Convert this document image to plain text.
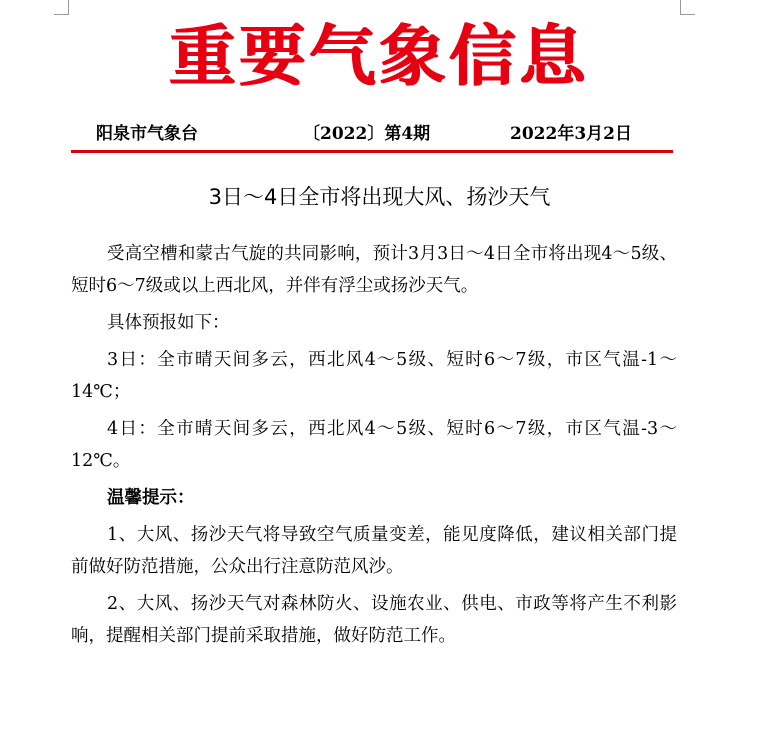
重要气象信息
阳泉市气象台	〔2022〕第4期	2022年3月2日
3日～4日全市将出现大风、扬沙天气

受高空槽和蒙古气旋的共同影响，预计3月3日～4日全市将出现4～5级、短时6～7级或以上西北风，并伴有浮尘或扬沙天气。

具体预报如下：

3日：全市晴天间多云，西北风4～5级、短时6～7级，市区气温-1～14℃；

4日：全市晴天间多云，西北风4～5级、短时6～7级，市区气温-3～12℃。

温馨提示：

1、大风、扬沙天气将导致空气质量变差，能见度降低，建议相关部门提前做好防范措施，公众出行注意防范风沙。

2、大风、扬沙天气对森林防火、设施农业、供电、市政等将产生不利影响，提醒相关部门提前采取措施，做好防范工作。
